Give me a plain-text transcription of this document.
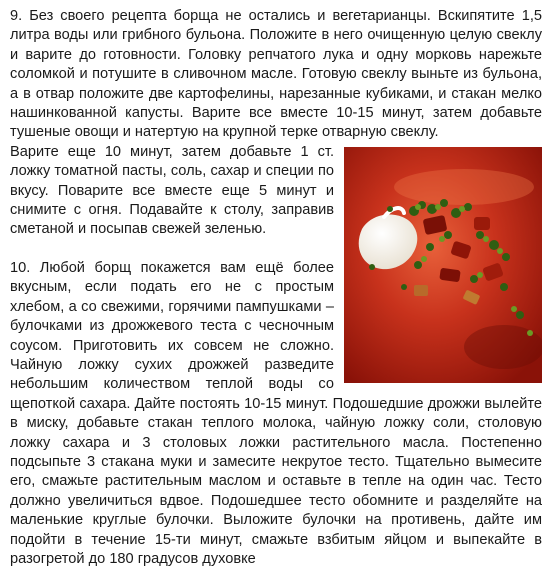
9. Без своего рецепта борща не остались и вегетарианцы. Вскипятите 1,5 литра воды или грибного бульона. Положите в него очищенную целую свеклу и варите до готовности. Головку репчатого лука и одну морковь нарежьте соломкой и потушите в сливочном масле. Готовую свеклу выньте из бульона, а в отвар положите две картофелины, нарезанные кубиками, и стакан мелко нашинкованной капусты. Варите все вместе 10-15 минут, затем добавьте тушеные овощи и натертую на крупной терке отварную свеклу.

Варите еще 10 минут, затем добавьте 1 ст. ложку томатной пасты, соль, сахар и специи по вкусу. Поварите все вместе еще 5 минут и снимите с огня. Подавайте к столу, заправив сметаной и посыпав свежей зеленью.

10. Любой борщ покажется вам ещё более вкусным, если подать его не с простым хлебом, а со свежими, горячими пампушками – булочками из дрожжевого теста с чесночным соусом. Приготовить их совсем не сложно. Чайную ложку сухих дрожжей разведите небольшим количеством теплой воды со щепоткой сахара. Дайте постоять 10-15 минут. Подошедшие дрожжи вылейте в миску, добавьте стакан теплого молока, чайную ложку соли, столовую ложку сахара и 3 столовых ложки растительного масла. Постепенно подсыпьте 3 стакана муки и замесите некрутое тесто. Тщательно вымесите его, смажьте растительным маслом и оставьте в тепле на один час. Тесто должно увеличиться вдвое. Подошедшее тесто обомните и разделяйте на маленькие круглые булочки. Выложите булочки на противень, дайте им подойти в течение 15-ти минут, смажьте взбитым яйцом и выпекайте в разогретой до 180 градусов духовке
